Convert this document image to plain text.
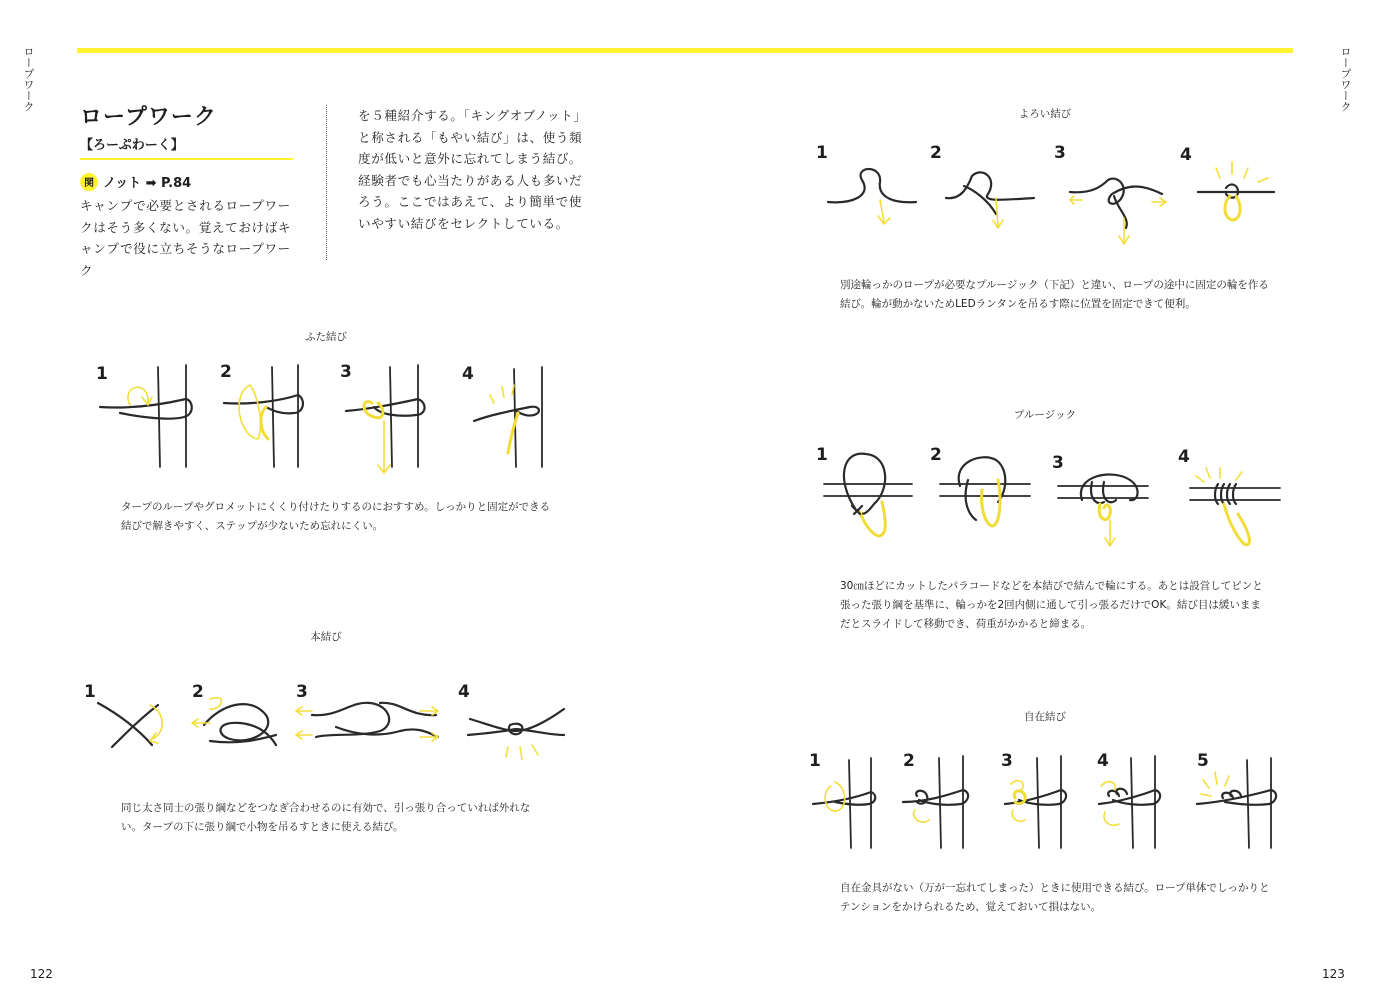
ロープワーク	ロープワーク
122	123
ロープワーク
【ろーぷわーく】
関 ノット ➡ P.84
キャンプで必要とされるロープワークはそう多くない。覚えておけばキャンプで役に立ちそうなロープワーク
を５種紹介する。「キングオブノット」と称される「もやい結び」は、使う頻度が低いと意外に忘れてしまう結び。経験者でも心当たりがある人も多いだろう。ここではあえて、より簡単で使いやすい結びをセレクトしている。
ふた結び
1	2	3	4
タープのループやグロメットにくくり付けたりするのにおすすめ。しっかりと固定ができる結びで解きやすく、ステップが少ないため忘れにくい。
本結び
1	2	3	4
同じ太さ同士の張り綱などをつなぎ合わせるのに有効で、引っ張り合っていれば外れない。タープの下に張り綱で小物を吊るすときに使える結び。
よろい結び
1	2	3	4
別途輪っかのロープが必要なプルージック（下記）と違い、ロープの途中に固定の輪を作る結び。輪が動かないためLEDランタンを吊るす際に位置を固定できて便利。
プルージック
1	2	3	4
30㎝ほどにカットしたパラコードなどを本結びで結んで輪にする。あとは設営してピンと張った張り綱を基準に、輪っかを2回内側に通して引っ張るだけでOK。結び目は緩いままだとスライドして移動でき、荷重がかかると締まる。
自在結び
1	2	3	4	5
自在金具がない（万が一忘れてしまった）ときに使用できる結び。ロープ単体でしっかりとテンションをかけられるため、覚えておいて損はない。
